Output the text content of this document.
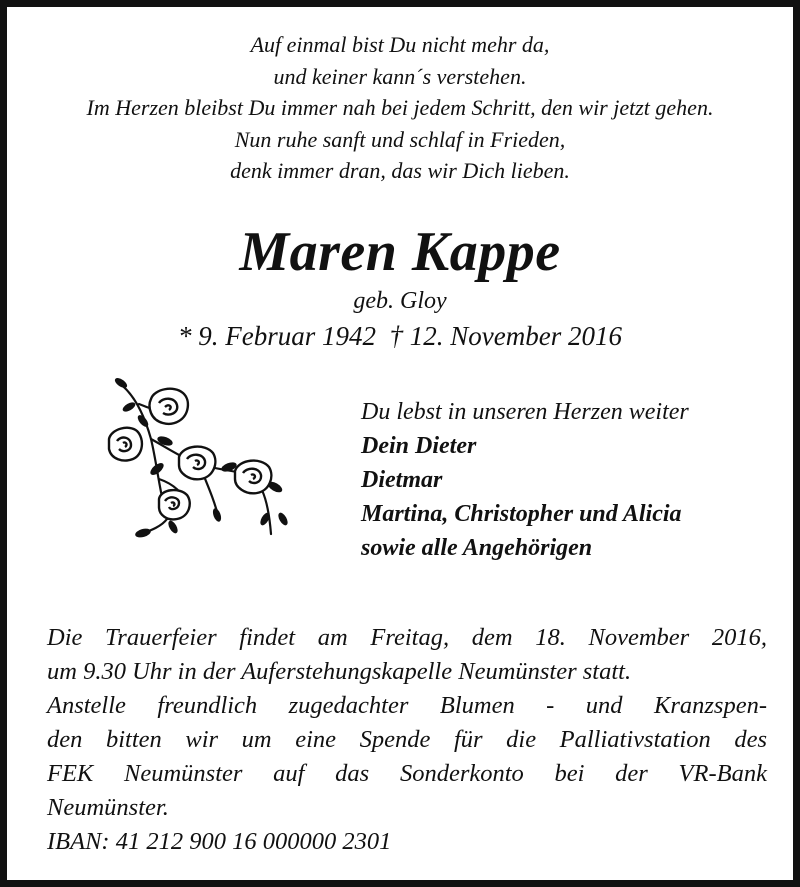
Auf einmal bist Du nicht mehr da,
und keiner kann´s verstehen.
Im Herzen bleibst Du immer nah bei jedem Schritt, den wir jetzt gehen.
Nun ruhe sanft und schlaf in Frieden,
denk immer dran, das wir Dich lieben.
Maren Kappe
geb. Gloy
* 9. Februar 1942 † 12. November 2016
Du lebst in unseren Herzen weiter
Dein Dieter
Dietmar
Martina, Christopher und Alicia
sowie alle Angehörigen
Die Trauerfeier findet am Freitag, dem 18. November 2016,
um 9.30 Uhr in der Auferstehungskapelle Neumünster statt.
Anstelle freundlich zugedachter Blumen - und Kranzspen-
den bitten wir um eine Spende für die Palliativstation des
FEK Neumünster auf das Sonderkonto bei der VR-Bank
Neumünster.
IBAN: 41 212 900 16 000000 2301
